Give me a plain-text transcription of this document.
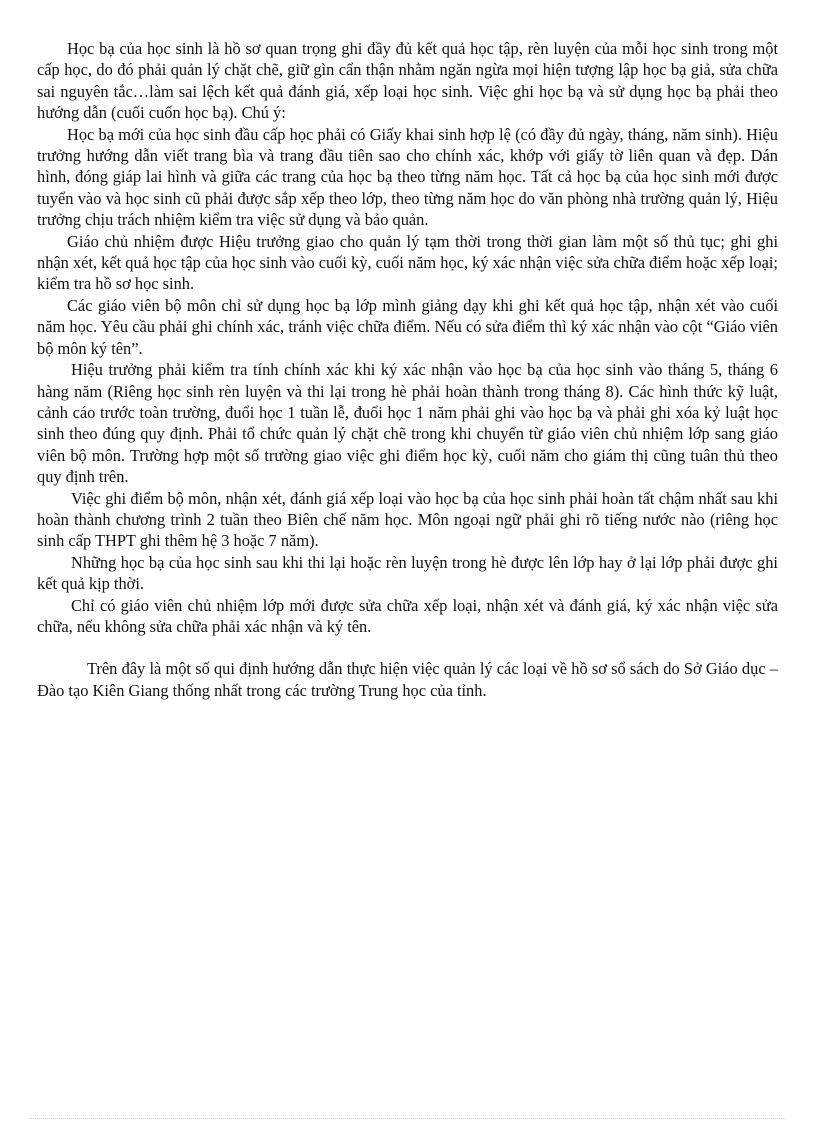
Học bạ của học sinh là hồ sơ quan trọng ghi đầy đủ kết quả học tập, rèn luyện của mỗi học sinh trong một cấp học, do đó phải quản lý chặt chẽ, giữ gìn cẩn thận nhằm ngăn ngừa mọi hiện tượng lập học bạ giả, sửa chữa sai nguyên tắc…làm sai lệch kết quả đánh giá, xếp loại học sinh. Việc ghi học bạ và sử dụng học bạ phải theo hướng dẫn (cuối cuốn học bạ). Chú ý:

Học bạ mới của học sinh đầu cấp học phải có Giấy khai sinh hợp lệ (có đầy đủ ngày, tháng, năm sinh). Hiệu trưởng hướng dẫn viết trang bìa và trang đầu tiên sao cho chính xác, khớp với giấy tờ liên quan và đẹp. Dán hình, đóng giáp lai hình và giữa các trang của học bạ theo từng năm học. Tất cả học bạ của học sinh mới được tuyển vào và học sinh cũ phải được sắp xếp theo lớp, theo từng năm học do văn phòng nhà trường quản lý, Hiệu trưởng chịu trách nhiệm kiểm tra việc sử dụng và bảo quản.

Giáo chủ nhiệm được Hiệu trưởng giao cho quản lý tạm thời trong thời gian làm một số thủ tục; ghi ghi nhận xét, kết quả học tập của học sinh vào cuối kỳ, cuối năm học, ký xác nhận việc sửa chữa điểm hoặc xếp loại; kiểm tra hồ sơ học sinh.

Các giáo viên bộ môn chỉ sử dụng học bạ lớp mình giảng dạy khi ghi kết quả học tập, nhận xét vào cuối năm học. Yêu cầu phải ghi chính xác, tránh việc chữa điểm. Nếu có sửa điểm thì ký xác nhận vào cột “Giáo viên bộ môn ký tên”.

Hiệu trưởng phải kiểm tra tính chính xác khi ký xác nhận vào học bạ của học sinh vào tháng 5, tháng 6 hàng năm (Riêng học sinh rèn luyện và thi lại trong hè phải hoàn thành trong tháng 8). Các hình thức kỹ luật, cảnh cáo trước toàn trường, đuổi học 1 tuần lễ, đuổi học 1 năm phải ghi vào học bạ và phải ghi xóa kỷ luật học sinh theo đúng quy định. Phải tổ chức quản lý chặt chẽ trong khi chuyển từ giáo viên chủ nhiệm lớp sang giáo viên bộ môn. Trường hợp một số trường giao việc ghi điểm học kỳ, cuối năm cho giám thị cũng tuân thủ theo quy định trên.

Việc ghi điểm bộ môn, nhận xét, đánh giá xếp loại vào học bạ của học sinh phải hoàn tất chậm nhất sau khi hoàn thành chương trình 2 tuần theo Biên chế năm học. Môn ngoại ngữ phải ghi rõ tiếng nước nào (riêng học sinh cấp THPT ghi thêm hệ 3 hoặc 7 năm).

Những học bạ của học sinh sau khi thi lại hoặc rèn luyện trong hè được lên lớp hay ở lại lớp phải được ghi kết quả kịp thời.

Chỉ có giáo viên chủ nhiệm lớp mới được sửa chữa xếp loại, nhận xét và đánh giá, ký xác nhận việc sửa chữa, nếu không sửa chữa phải xác nhận và ký tên.

Trên đây là một số qui định hướng dẫn thực hiện việc quản lý các loại về hồ sơ sổ sách do Sở Giáo dục – Đào tạo Kiên Giang thống nhất trong các trường Trung học của tỉnh.
